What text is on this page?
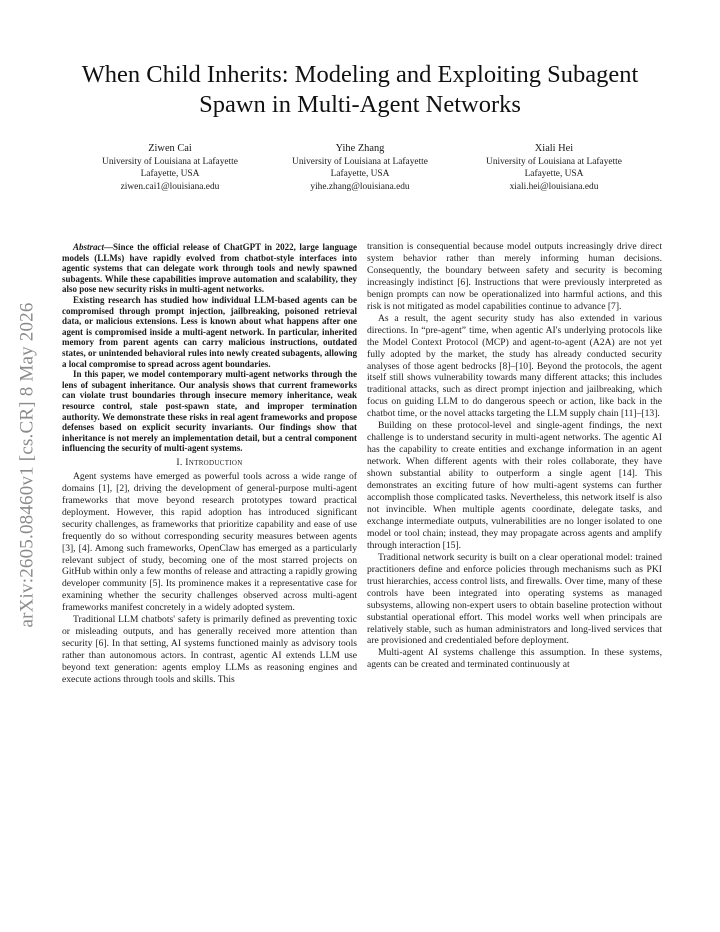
arXiv:2605.08460v1 [cs.CR] 8 May 2026
When Child Inherits: Modeling and Exploiting Subagent Spawn in Multi-Agent Networks
Ziwen Cai
University of Louisiana at Lafayette
Lafayette, USA
ziwen.cai1@louisiana.edu
Yihe Zhang
University of Louisiana at Lafayette
Lafayette, USA
yihe.zhang@louisiana.edu
Xiali Hei
University of Louisiana at Lafayette
Lafayette, USA
xiali.hei@louisiana.edu

Abstract—Since the official release of ChatGPT in 2022, large language models (LLMs) have rapidly evolved from chatbot-style interfaces into agentic systems that can delegate work through tools and newly spawned subagents. While these capabilities improve automation and scalability, they also pose new security risks in multi-agent networks.

Existing research has studied how individual LLM-based agents can be compromised through prompt injection, jailbreaking, poisoned retrieval data, or malicious extensions. Less is known about what happens after one agent is compromised inside a multi-agent network. In particular, inherited memory from parent agents can carry malicious instructions, outdated states, or unintended behavioral rules into newly created subagents, allowing a local compromise to spread across agent boundaries.

In this paper, we model contemporary multi-agent networks through the lens of subagent inheritance. Our analysis shows that current frameworks can violate trust boundaries through insecure memory inheritance, weak resource control, stale post-spawn state, and improper termination authority. We demonstrate these risks in real agent frameworks and propose defenses based on explicit security invariants. Our findings show that inheritance is not merely an implementation detail, but a central component influencing the security of multi-agent systems.

I. Introduction

Agent systems have emerged as powerful tools across a wide range of domains [1], [2], driving the development of general-purpose multi-agent frameworks that move beyond research prototypes toward practical deployment. However, this rapid adoption has introduced significant security challenges, as frameworks that prioritize capability and ease of use frequently do so without corresponding security measures between agents [3], [4]. Among such frameworks, OpenClaw has emerged as a particularly relevant subject of study, becoming one of the most starred projects on GitHub within only a few months of release and attracting a rapidly growing developer community [5]. Its prominence makes it a representative case for examining whether the security challenges observed across multi-agent frameworks manifest concretely in a widely adopted system.

Traditional LLM chatbots' safety is primarily defined as preventing toxic or misleading outputs, and has generally received more attention than security [6]. In that setting, AI systems functioned mainly as advisory tools rather than autonomous actors. In contrast, agentic AI extends LLM use beyond text generation: agents employ LLMs as reasoning engines and execute actions through tools and skills. This

transition is consequential because model outputs increasingly drive direct system behavior rather than merely informing human decisions. Consequently, the boundary between safety and security is becoming increasingly indistinct [6]. Instructions that were previously interpreted as benign prompts can now be operationalized into harmful actions, and this risk is not mitigated as model capabilities continue to advance [7].

As a result, the agent security study has also extended in various directions. In “pre-agent” time, when agentic AI's underlying protocols like the Model Context Protocol (MCP) and agent-to-agent (A2A) are not yet fully adopted by the market, the study has already conducted security analyses of those agent bedrocks [8]–[10]. Beyond the protocols, the agent itself still shows vulnerability towards many different attacks; this includes traditional attacks, such as direct prompt injection and jailbreaking, which focus on guiding LLM to do dangerous speech or action, like back in the chatbot time, or the novel attacks targeting the LLM supply chain [11]–[13].

Building on these protocol-level and single-agent findings, the next challenge is to understand security in multi-agent networks. The agentic AI has the capability to create entities and exchange information in an agent network. When different agents with their roles collaborate, they have shown substantial ability to outperform a single agent [14]. This demonstrates an exciting future of how multi-agent systems can further accomplish those complicated tasks. Nevertheless, this network itself is also not invincible. When multiple agents coordinate, delegate tasks, and exchange intermediate outputs, vulnerabilities are no longer isolated to one model or tool chain; instead, they may propagate across agents and amplify through interaction [15].

Traditional network security is built on a clear operational model: trained practitioners define and enforce policies through mechanisms such as PKI trust hierarchies, access control lists, and firewalls. Over time, many of these controls have been integrated into operating systems as managed subsystems, allowing non-expert users to obtain baseline protection without substantial operational effort. This model works well when principals are relatively stable, such as human administrators and long-lived services that are provisioned and credentialed before deployment.

Multi-agent AI systems challenge this assumption. In these systems, agents can be created and terminated continuously at
